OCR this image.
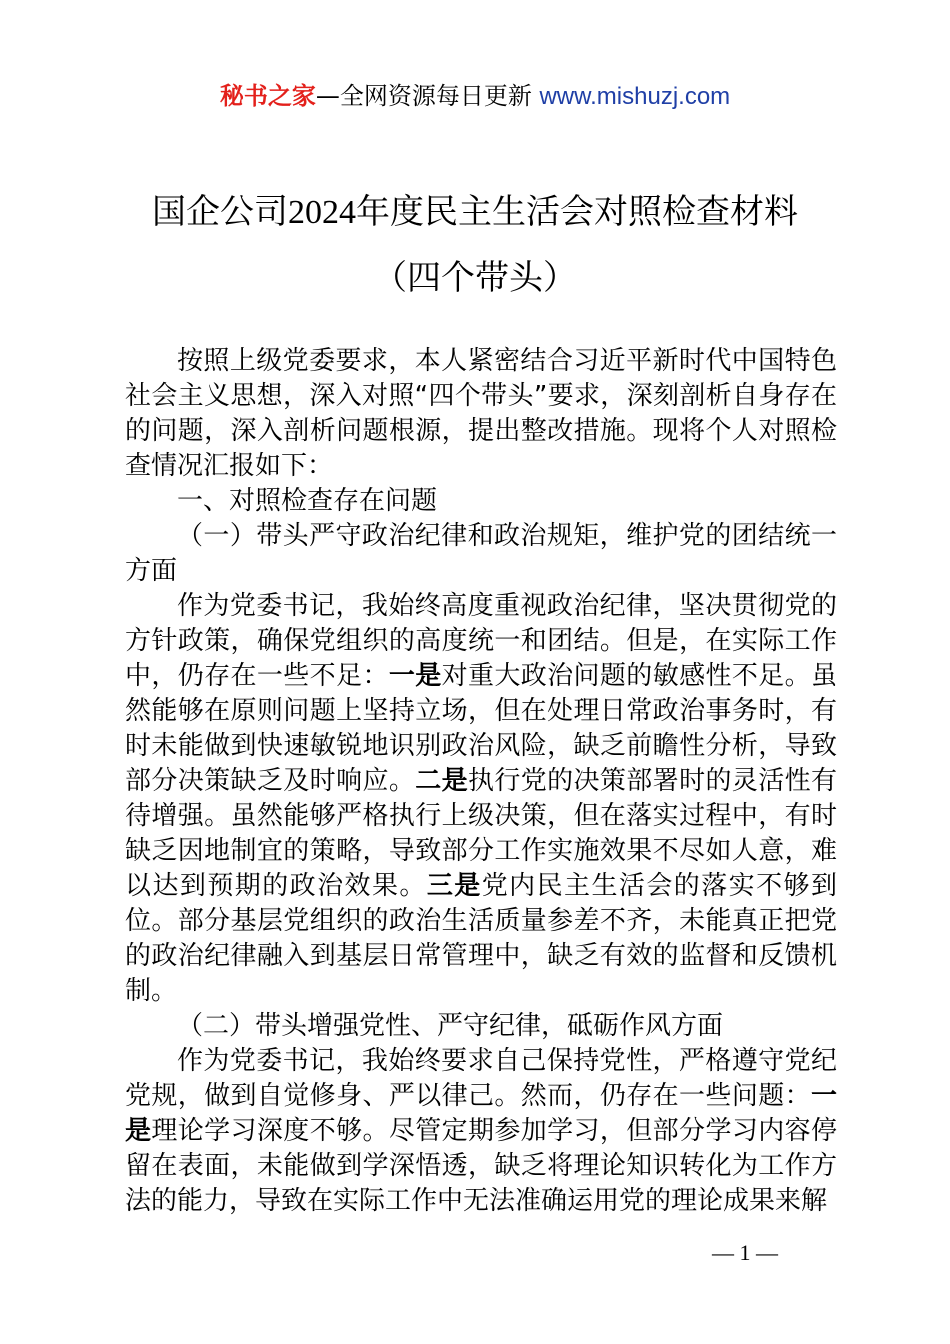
秘书之家—全网资源每日更新 www.mishuzj.com
国企公司2024年度民主生活会对照检查材料
（四个带头）

按照上级党委要求，本人紧密结合习近平新时代中国特色社会主义思想，深入对照“四个带头”要求，深刻剖析自身存在的问题，深入剖析问题根源，提出整改措施。现将个人对照检查情况汇报如下：

一、对照检查存在问题

（一）带头严守政治纪律和政治规矩，维护党的团结统一方面

作为党委书记，我始终高度重视政治纪律，坚决贯彻党的方针政策，确保党组织的高度统一和团结。但是，在实际工作中，仍存在一些不足：一是对重大政治问题的敏感性不足。虽然能够在原则问题上坚持立场，但在处理日常政治事务时，有时未能做到快速敏锐地识别政治风险，缺乏前瞻性分析，导致部分决策缺乏及时响应。二是执行党的决策部署时的灵活性有待增强。虽然能够严格执行上级决策，但在落实过程中，有时缺乏因地制宜的策略，导致部分工作实施效果不尽如人意，难以达到预期的政治效果。三是党内民主生活会的落实不够到位。部分基层党组织的政治生活质量参差不齐，未能真正把党的政治纪律融入到基层日常管理中，缺乏有效的监督和反馈机制。

（二）带头增强党性、严守纪律，砥砺作风方面

作为党委书记，我始终要求自己保持党性，严格遵守党纪党规，做到自觉修身、严以律己。然而，仍存在一些问题：一是理论学习深度不够。尽管定期参加学习，但部分学习内容停留在表面，未能做到学深悟透，缺乏将理论知识转化为工作方法的能力，导致在实际工作中无法准确运用党的理论成果来解

— 1 —
